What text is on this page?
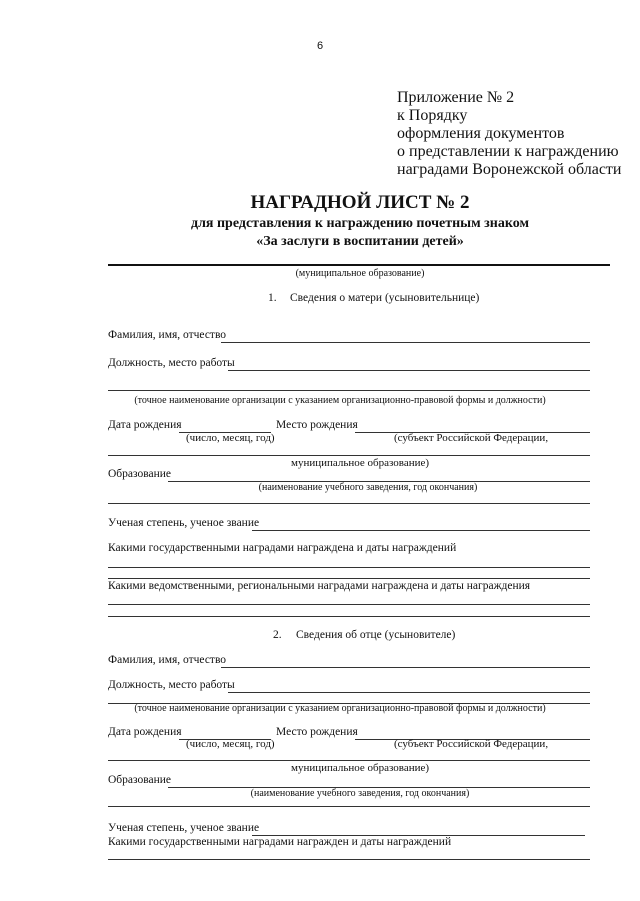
6
Приложение № 2
к Порядку
оформления документов
о представлении к награждению
наградами Воронежской области
НАГРАДНОЙ ЛИСТ № 2
для представления к награждению почетным знаком
«За заслуги в воспитании детей»
(муниципальное образование)
1. Сведения о матери (усыновительнице)
Фамилия, имя, отчество
Должность, место работы
(точное наименование организации с указанием организационно-правовой формы и должности)
Дата рождения	Место рождения
(число, месяц, год)	(субъект Российской Федерации,
муниципальное образование)
Образование
(наименование учебного заведения, год окончания)
Ученая степень, ученое звание
Какими государственными наградами награждена и даты награждений
Какими ведомственными, региональными наградами награждена и даты награждения
2. Сведения об отце (усыновителе)
Фамилия, имя, отчество
Должность, место работы
(точное наименование организации с указанием организационно-правовой формы и должности)
Дата рождения	Место рождения
(число, месяц, год)	(субъект Российской Федерации,
муниципальное образование)
Образование
(наименование учебного заведения, год окончания)
Ученая степень, ученое звание
Какими государственными наградами награжден и даты награждений
